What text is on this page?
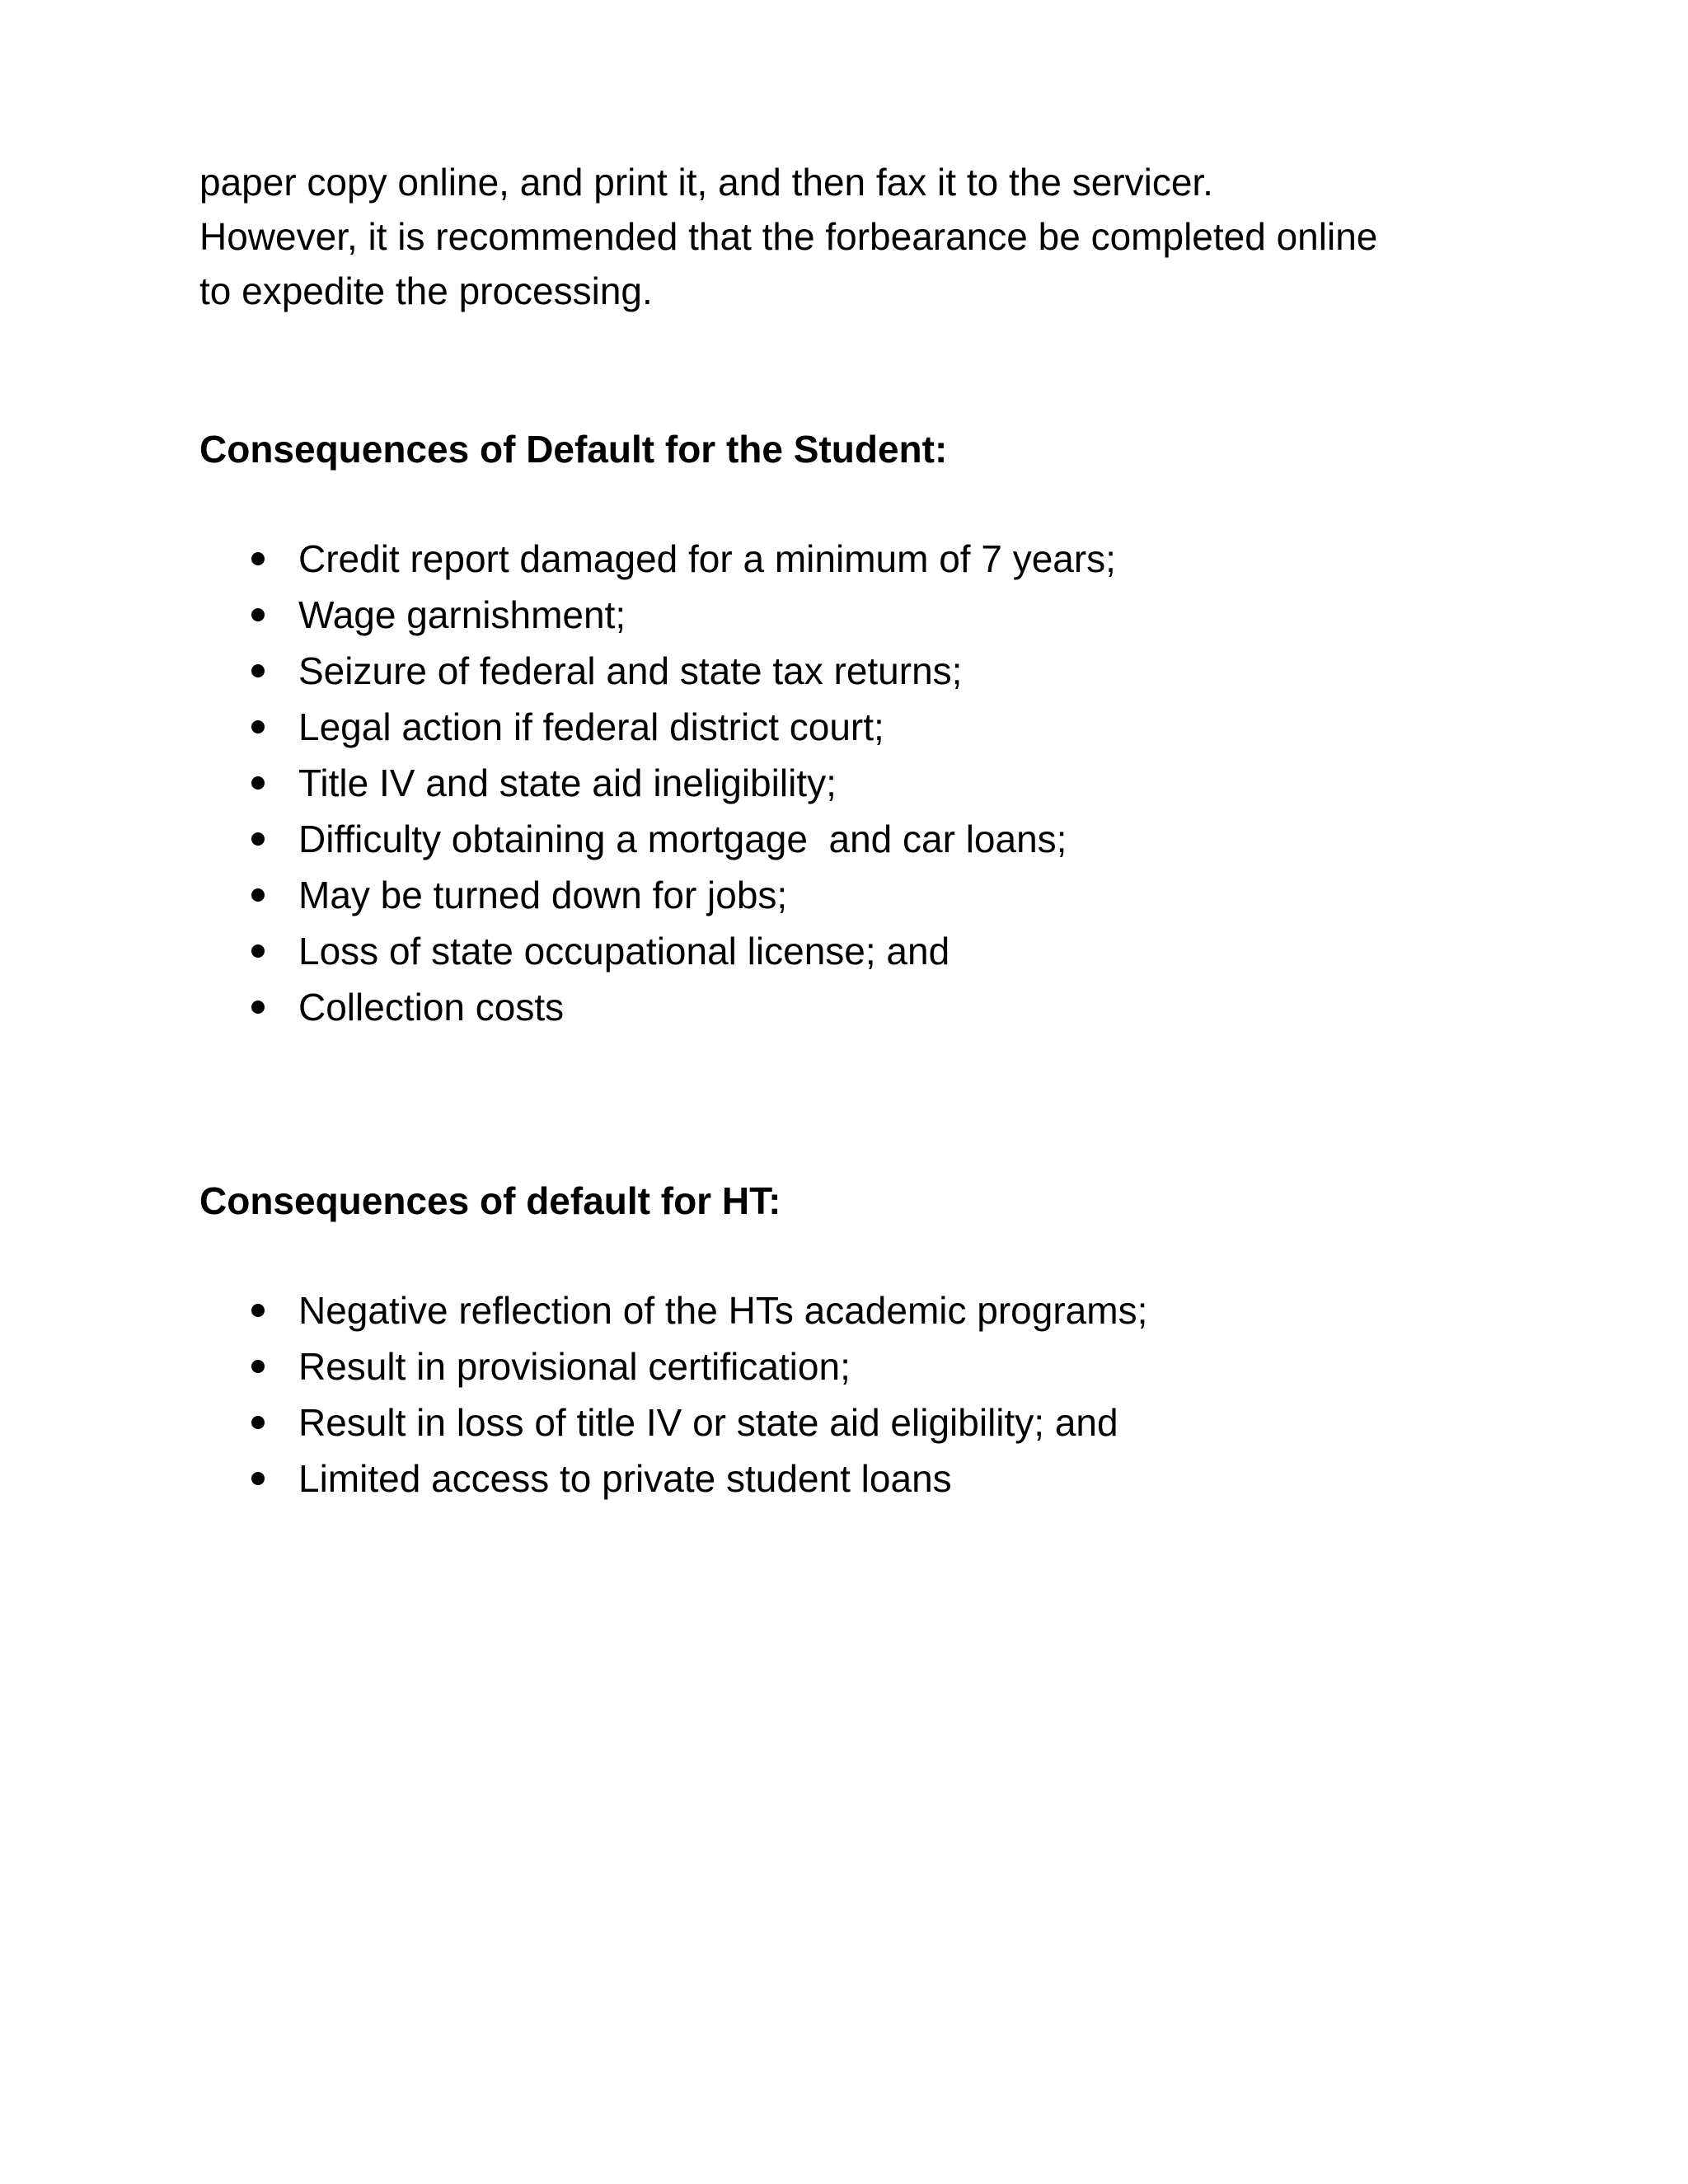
paper copy online, and print it, and then fax it to the servicer.

However, it is recommended that the forbearance be completed online

to expedite the processing.

Consequences of Default for the Student:
Credit report damaged for a minimum of 7 years;
Wage garnishment;
Seizure of federal and state tax returns;
Legal action if federal district court;
Title IV and state aid ineligibility;
Difficulty obtaining a mortgage  and car loans;
May be turned down for jobs;
Loss of state occupational license; and
Collection costs
Consequences of default for HT:
Negative reflection of the HTs academic programs;
Result in provisional certification;
Result in loss of title IV or state aid eligibility; and
Limited access to private student loans
